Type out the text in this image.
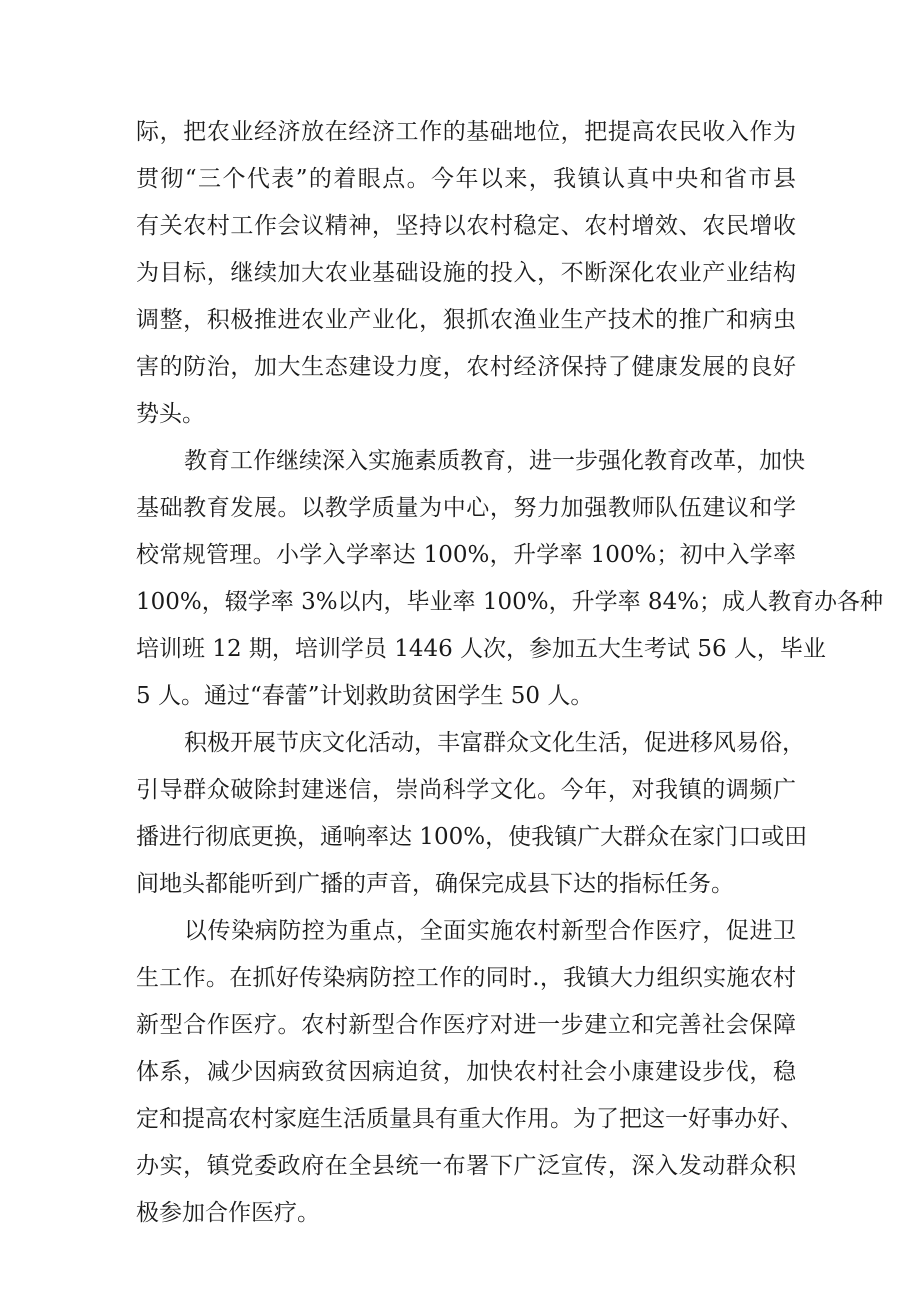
际，把农业经济放在经济工作的基础地位，把提高农民收入作为
贯彻“三个代表”的着眼点。今年以来，我镇认真中央和省市县
有关农村工作会议精神，坚持以农村稳定、农村增效、农民增收
为目标，继续加大农业基础设施的投入，不断深化农业产业结构
调整，积极推进农业产业化，狠抓农渔业生产技术的推广和病虫
害的防治，加大生态建设力度，农村经济保持了健康发展的良好
势头。
教育工作继续深入实施素质教育，进一步强化教育改革，加快
基础教育发展。以教学质量为中心，努力加强教师队伍建议和学
校常规管理。小学入学率达 100%，升学率 100%；初中入学率
100%，辍学率 3%以内，毕业率 100%，升学率 84%；成人教育办各种
培训班 12 期，培训学员 1446 人次，参加五大生考试 56 人，毕业
5 人。通过“春蕾”计划救助贫困学生 50 人。
积极开展节庆文化活动，丰富群众文化生活，促进移风易俗，
引导群众破除封建迷信，崇尚科学文化。今年，对我镇的调频广
播进行彻底更换，通响率达 100%，使我镇广大群众在家门口或田
间地头都能听到广播的声音，确保完成县下达的指标任务。
以传染病防控为重点，全面实施农村新型合作医疗，促进卫
生工作。在抓好传染病防控工作的同时.，我镇大力组织实施农村
新型合作医疗。农村新型合作医疗对进一步建立和完善社会保障
体系，减少因病致贫因病迫贫，加快农村社会小康建设步伐，稳
定和提高农村家庭生活质量具有重大作用。为了把这一好事办好、
办实，镇党委政府在全县统一布署下广泛宣传，深入发动群众积
极参加合作医疗。
